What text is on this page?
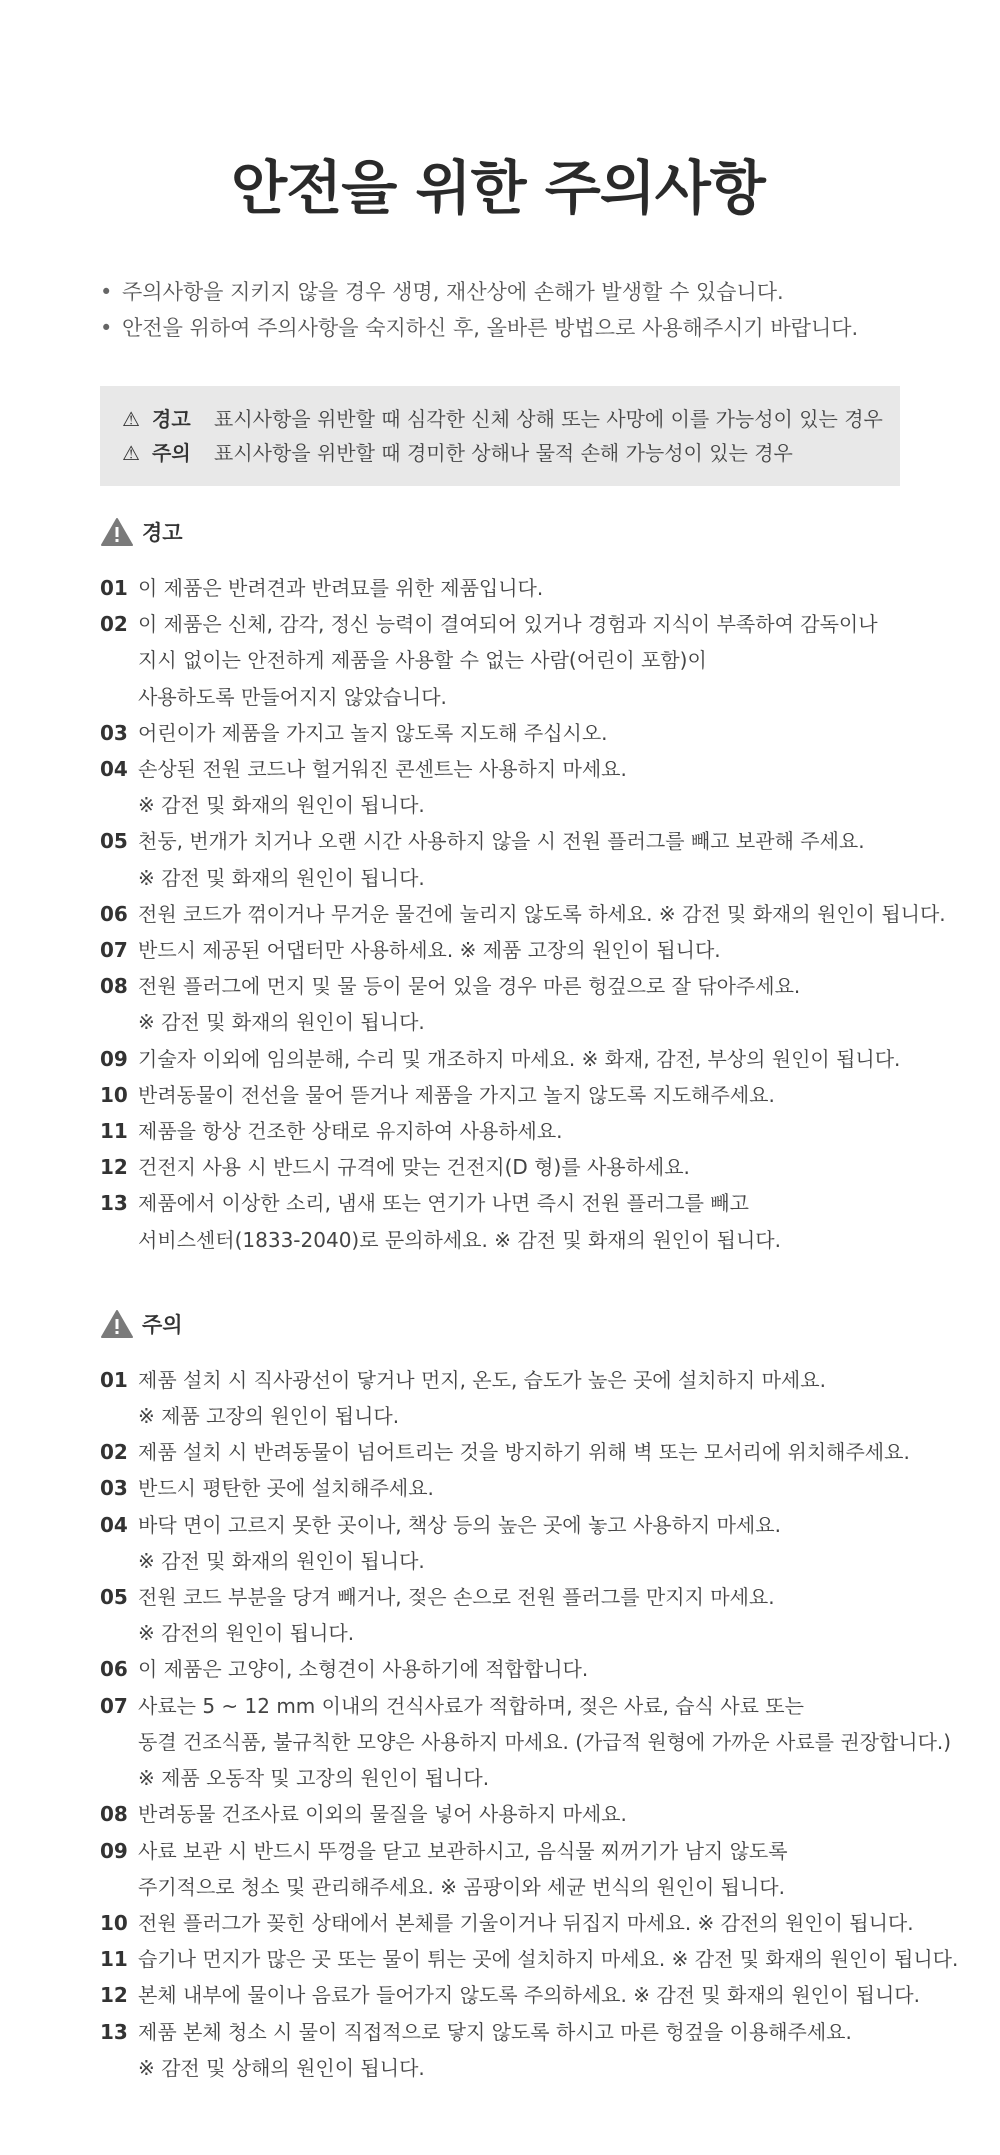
안전을 위한 주의사항
• 주의사항을 지키지 않을 경우 생명, 재산상에 손해가 발생할 수 있습니다.
• 안전을 위하여 주의사항을 숙지하신 후, 올바른 방법으로 사용해주시기 바랍니다.
⚠ 경고	표시사항을 위반할 때 심각한 신체 상해 또는 사망에 이를 가능성이 있는 경우
⚠ 주의	표시사항을 위반할 때 경미한 상해나 물적 손해 가능성이 있는 경우
경고
01 이 제품은 반려견과 반려묘를 위한 제품입니다.
02 이 제품은 신체, 감각, 정신 능력이 결여되어 있거나 경험과 지식이 부족하여 감독이나
지시 없이는 안전하게 제품을 사용할 수 없는 사람(어린이 포함)이
사용하도록 만들어지지 않았습니다.
03 어린이가 제품을 가지고 놀지 않도록 지도해 주십시오.
04 손상된 전원 코드나 헐거워진 콘센트는 사용하지 마세요.
※ 감전 및 화재의 원인이 됩니다.
05 천둥, 번개가 치거나 오랜 시간 사용하지 않을 시 전원 플러그를 빼고 보관해 주세요.
※ 감전 및 화재의 원인이 됩니다.
06 전원 코드가 꺾이거나 무거운 물건에 눌리지 않도록 하세요. ※ 감전 및 화재의 원인이 됩니다.
07 반드시 제공된 어댑터만 사용하세요. ※ 제품 고장의 원인이 됩니다.
08 전원 플러그에 먼지 및 물 등이 묻어 있을 경우 마른 헝겊으로 잘 닦아주세요.
※ 감전 및 화재의 원인이 됩니다.
09 기술자 이외에 임의분해, 수리 및 개조하지 마세요. ※ 화재, 감전, 부상의 원인이 됩니다.
10 반려동물이 전선을 물어 뜯거나 제품을 가지고 놀지 않도록 지도해주세요.
11 제품을 항상 건조한 상태로 유지하여 사용하세요.
12 건전지 사용 시 반드시 규격에 맞는 건전지(D 형)를 사용하세요.
13 제품에서 이상한 소리, 냄새 또는 연기가 나면 즉시 전원 플러그를 빼고
서비스센터(1833-2040)로 문의하세요. ※ 감전 및 화재의 원인이 됩니다.
주의
01 제품 설치 시 직사광선이 닿거나 먼지, 온도, 습도가 높은 곳에 설치하지 마세요.
※ 제품 고장의 원인이 됩니다.
02 제품 설치 시 반려동물이 넘어트리는 것을 방지하기 위해 벽 또는 모서리에 위치해주세요.
03 반드시 평탄한 곳에 설치해주세요.
04 바닥 면이 고르지 못한 곳이나, 책상 등의 높은 곳에 놓고 사용하지 마세요.
※ 감전 및 화재의 원인이 됩니다.
05 전원 코드 부분을 당겨 빼거나, 젖은 손으로 전원 플러그를 만지지 마세요.
※ 감전의 원인이 됩니다.
06 이 제품은 고양이, 소형견이 사용하기에 적합합니다.
07 사료는 5 ~ 12 mm 이내의 건식사료가 적합하며, 젖은 사료, 습식 사료 또는
동결 건조식품, 불규칙한 모양은 사용하지 마세요. (가급적 원형에 가까운 사료를 권장합니다.)
※ 제품 오동작 및 고장의 원인이 됩니다.
08 반려동물 건조사료 이외의 물질을 넣어 사용하지 마세요.
09 사료 보관 시 반드시 뚜껑을 닫고 보관하시고, 음식물 찌꺼기가 남지 않도록
주기적으로 청소 및 관리해주세요. ※ 곰팡이와 세균 번식의 원인이 됩니다.
10 전원 플러그가 꽂힌 상태에서 본체를 기울이거나 뒤집지 마세요. ※ 감전의 원인이 됩니다.
11 습기나 먼지가 많은 곳 또는 물이 튀는 곳에 설치하지 마세요. ※ 감전 및 화재의 원인이 됩니다.
12 본체 내부에 물이나 음료가 들어가지 않도록 주의하세요. ※ 감전 및 화재의 원인이 됩니다.
13 제품 본체 청소 시 물이 직접적으로 닿지 않도록 하시고 마른 헝겊을 이용해주세요.
※ 감전 및 상해의 원인이 됩니다.
